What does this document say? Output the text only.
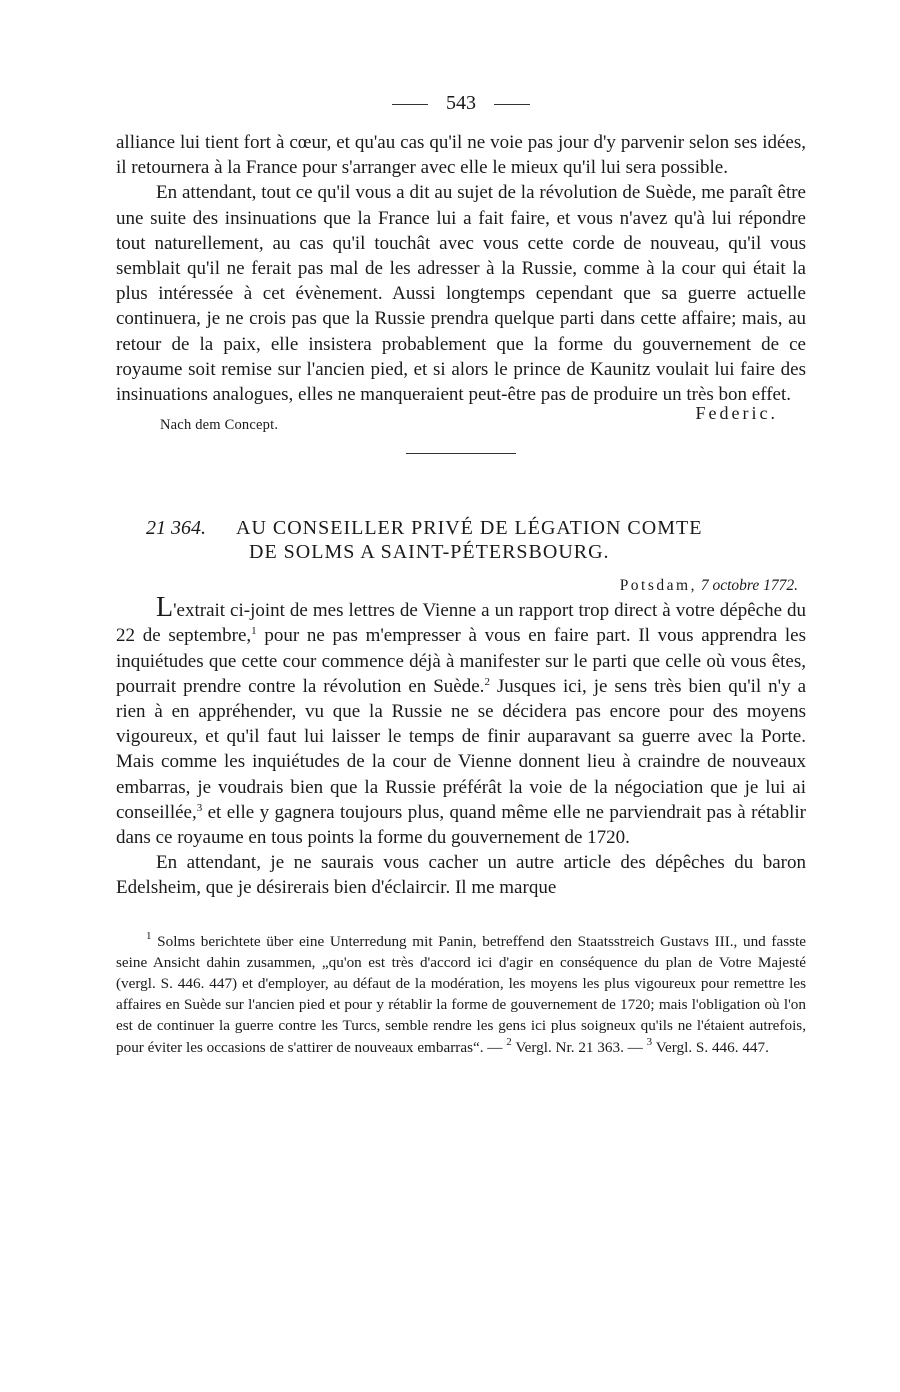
543

alliance lui tient fort à cœur, et qu'au cas qu'il ne voie pas jour d'y parvenir selon ses idées, il retournera à la France pour s'arranger avec elle le mieux qu'il lui sera possible.

En attendant, tout ce qu'il vous a dit au sujet de la révolution de Suède, me paraît être une suite des insinuations que la France lui a fait faire, et vous n'avez qu'à lui répondre tout naturellement, au cas qu'il touchât avec vous cette corde de nouveau, qu'il vous semblait qu'il ne ferait pas mal de les adresser à la Russie, comme à la cour qui était la plus intéressée à cet évènement. Aussi longtemps cependant que sa guerre actuelle continuera, je ne crois pas que la Russie prendra quelque parti dans cette affaire; mais, au retour de la paix, elle insistera probablement que la forme du gouvernement de ce royaume soit remise sur l'ancien pied, et si alors le prince de Kaunitz voulait lui faire des insinuations analogues, elles ne manqueraient peut-être pas de produire un très bon effet.

Nach dem Concept.
Federic.
21 364. AU CONSEILLER PRIVÉ DE LÉGATION COMTE
DE SOLMS A SAINT-PÉTERSBOURG.
Potsdam, 7 octobre 1772.

L'extrait ci-joint de mes lettres de Vienne a un rapport trop direct à votre dépêche du 22 de septembre,$^1$ pour ne pas m'empresser à vous en faire part. Il vous apprendra les inquiétudes que cette cour commence déjà à manifester sur le parti que celle où vous êtes, pourrait prendre contre la révolution en Suède.$^2$ Jusques ici, je sens très bien qu'il n'y a rien à en appréhender, vu que la Russie ne se décidera pas encore pour des moyens vigoureux, et qu'il faut lui laisser le temps de finir auparavant sa guerre avec la Porte. Mais comme les inquiétudes de la cour de Vienne donnent lieu à craindre de nouveaux embarras, je voudrais bien que la Russie préférât la voie de la négociation que je lui ai conseillée,$^3$ et elle y gagnera toujours plus, quand même elle ne parviendrait pas à rétablir dans ce royaume en tous points la forme du gouvernement de 1720.

En attendant, je ne saurais vous cacher un autre article des dépêches du baron Edelsheim, que je désirerais bien d'éclaircir. Il me marque

$^1$ Solms berichtete über eine Unterredung mit Panin, betreffend den Staatsstreich Gustavs III., und fasste seine Ansicht dahin zusammen, „qu'on est très d'accord ici d'agir en conséquence du plan de Votre Majesté (vergl. S. 446. 447) et d'employer, au défaut de la modération, les moyens les plus vigoureux pour remettre les affaires en Suède sur l'ancien pied et pour y rétablir la forme de gouvernement de 1720; mais l'obligation où l'on est de continuer la guerre contre les Turcs, semble rendre les gens ici plus soigneux qu'ils ne l'étaient autrefois, pour éviter les occasions de s'attirer de nouveaux embarras“. — $^2$ Vergl. Nr. 21 363. — $^3$ Vergl. S. 446. 447.
